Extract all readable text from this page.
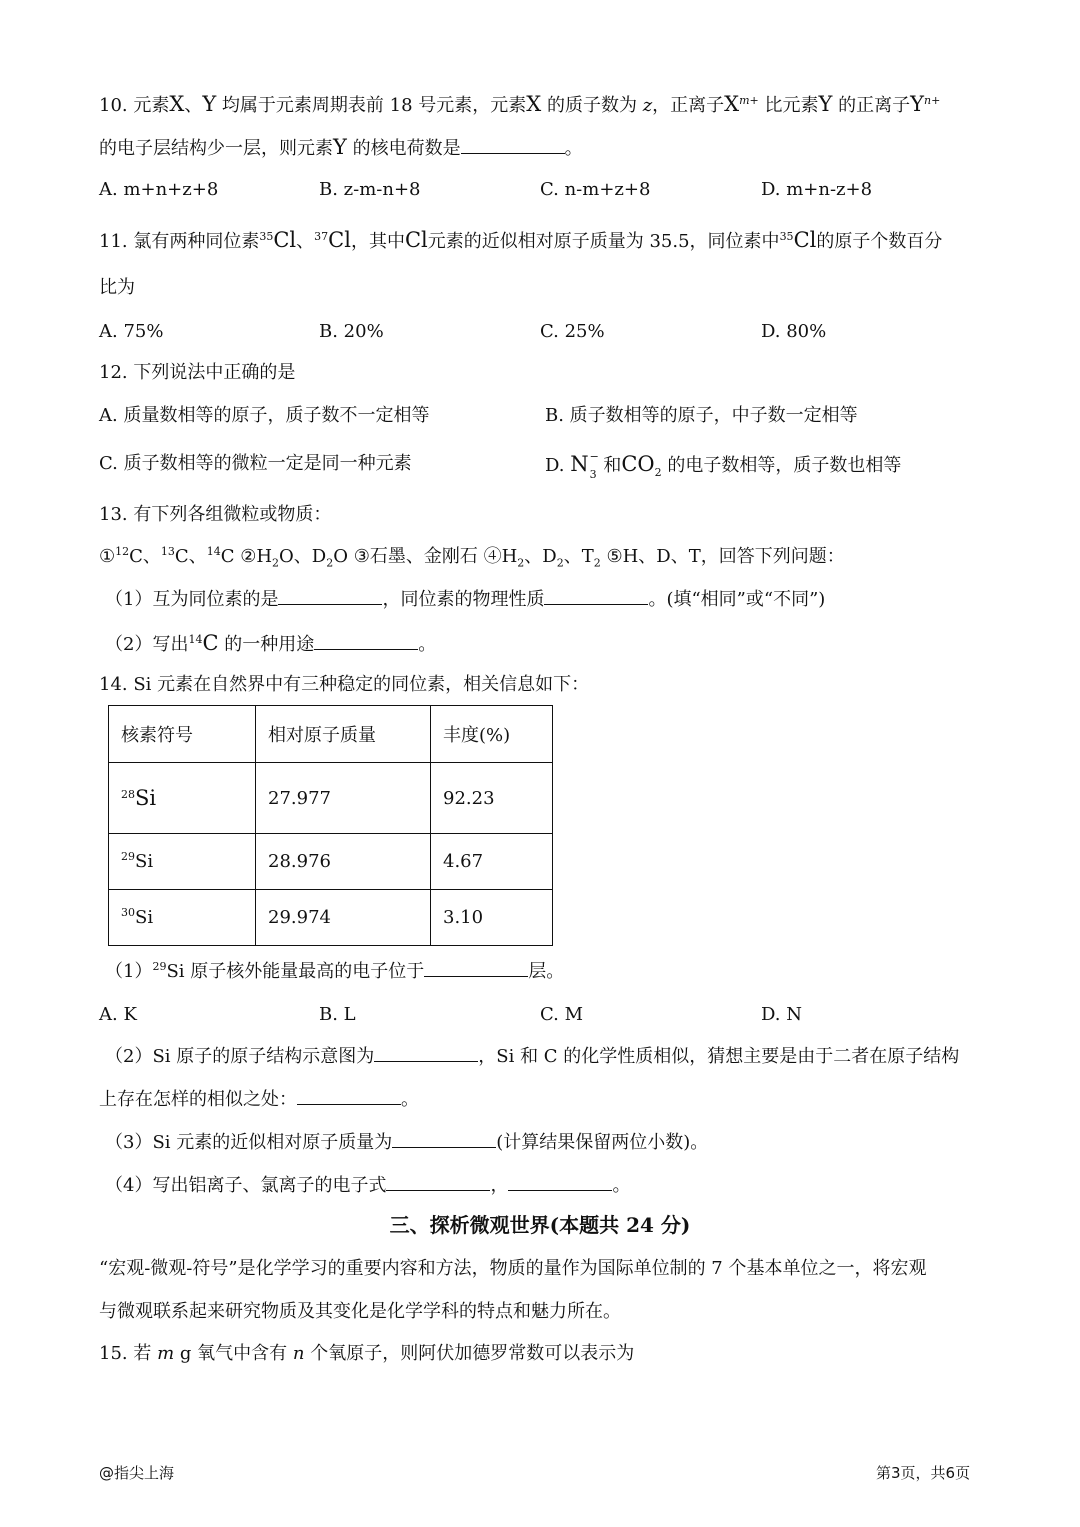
10. 元素X、Y 均属于元素周期表前 18 号元素，元素X 的质子数为 z，正离子$X^{m+}$ 比元素Y 的正离子$Y^{n+}$
的电子层结构少一层，则元素Y 的核电荷数是	。
A. m+n+z+8	B. z-m-n+8	C. n-m+z+8	D. m+n-z+8
11. 氯有两种同位素$^{35}$Cl、$^{37}$Cl，其中Cl元素的近似相对原子质量为 35.5，同位素中$^{35}$Cl的原子个数百分
比为
A. 75%	B. 20%	C. 25%	D. 80%
12. 下列说法中正确的是
A. 质量数相等的原子，质子数不一定相等	B. 质子数相等的原子，中子数一定相等
C. 质子数相等的微粒一定是同一种元素	D. N −
3 和$CO_2$ 的电子数相等，质子数也相等
13. 有下列各组微粒或物质：
①$^{12}$C、$^{13}$C、$^{14}$C $②H_2O$、$D_2O$ ③石墨、金刚石 $④H_2$、$D_2$、$T_2$ ⑤H、D、T，回答下列问题：
（1）互为同位素的是	，同位素的物理性质	。(填“相同”或“不同”)
（2）写出$^{14}$C 的一种用途	。
14. Si 元素在自然界中有三种稳定的同位素，相关信息如下：
核素符号	相对原子质量	丰度(%)
$^{28}$Si	27.977	92.23
$^{29}$Si	28.976	4.67
$^{30}$Si	29.974	3.10
$(1)^{29}Si$ 原子核外能量最高的电子位于	层。
A. K	B. L	C. M	D. N
（2）Si 原子的原子结构示意图为	，Si 和 C 的化学性质相似，猜想主要是由于二者在原子结构
上存在怎样的相似之处：	。
（3）Si 元素的近似相对原子质量为	(计算结果保留两位小数)。
（4）写出铝离子、氯离子的电子式	，	。
三、探析微观世界(本题共 24 分)
“宏观-微观-符号”是化学学习的重要内容和方法，物质的量作为国际单位制的 7 个基本单位之一，将宏观
与微观联系起来研究物质及其变化是化学学科的特点和魅力所在。
15. 若 m g 氧气中含有 n 个氧原子，则阿伏加德罗常数可以表示为
@指尖上海	第3页，共6页
